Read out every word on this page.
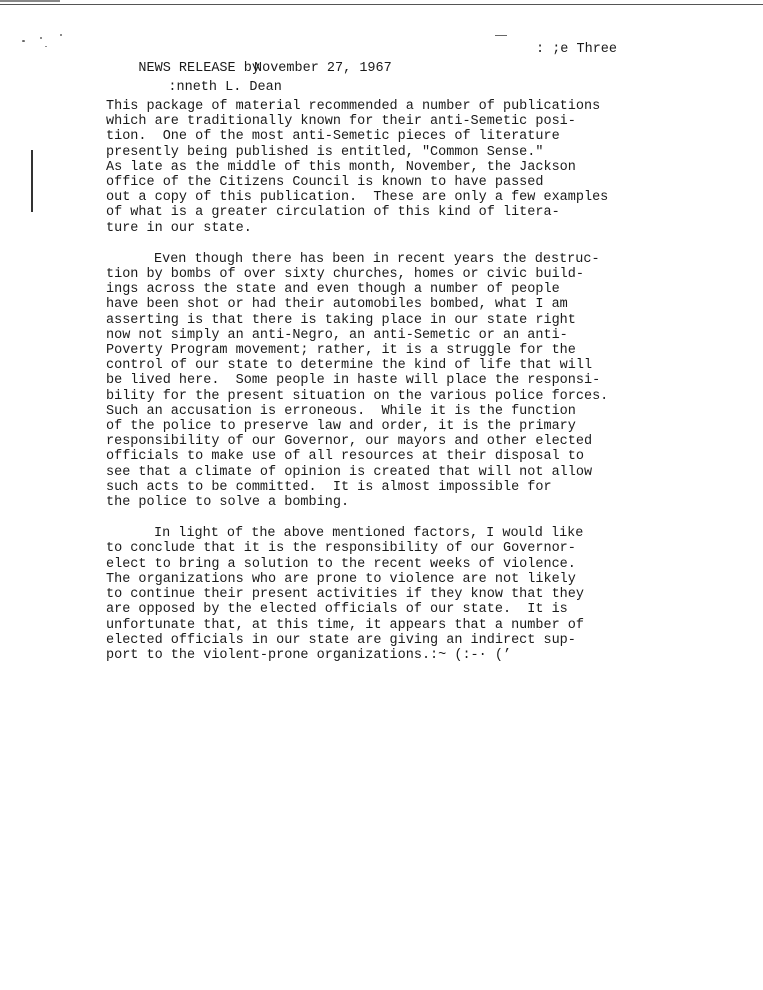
NEWS RELEASE by
:nneth L. Dean

: ;e Three

November 27, 1967

This package of material recommended a number of publications
which are traditionally known for their anti-Semetic posi-
tion.  One of the most anti-Semetic pieces of literature
presently being published is entitled, "Common Sense."
As late as the middle of this month, November, the Jackson
office of the Citizens Council is known to have passed
out a copy of this publication.  These are only a few examples
of what is a greater circulation of this kind of litera-
ture in our state.
Even though there has been in recent years the destruc-
tion by bombs of over sixty churches, homes or civic build-
ings across the state and even though a number of people
have been shot or had their automobiles bombed, what I am
asserting is that there is taking place in our state right
now not simply an anti-Negro, an anti-Semetic or an anti-
Poverty Program movement; rather, it is a struggle for the
control of our state to determine the kind of life that will
be lived here.  Some people in haste will place the responsi-
bility for the present situation on the various police forces.
Such an accusation is erroneous.  While it is the function
of the police to preserve law and order, it is the primary
responsibility of our Governor, our mayors and other elected
officials to make use of all resources at their disposal to
see that a climate of opinion is created that will not allow
such acts to be committed.  It is almost impossible for
the police to solve a bombing.
In light of the above mentioned factors, I would like
to conclude that it is the responsibility of our Governor-
elect to bring a solution to the recent weeks of violence.
The organizations who are prone to violence are not likely
to continue their present activities if they know that they
are opposed by the elected officials of our state.  It is
unfortunate that, at this time, it appears that a number of
elected officials in our state are giving an indirect sup-
port to the violent-prone organizations.:~ (:-· (’
